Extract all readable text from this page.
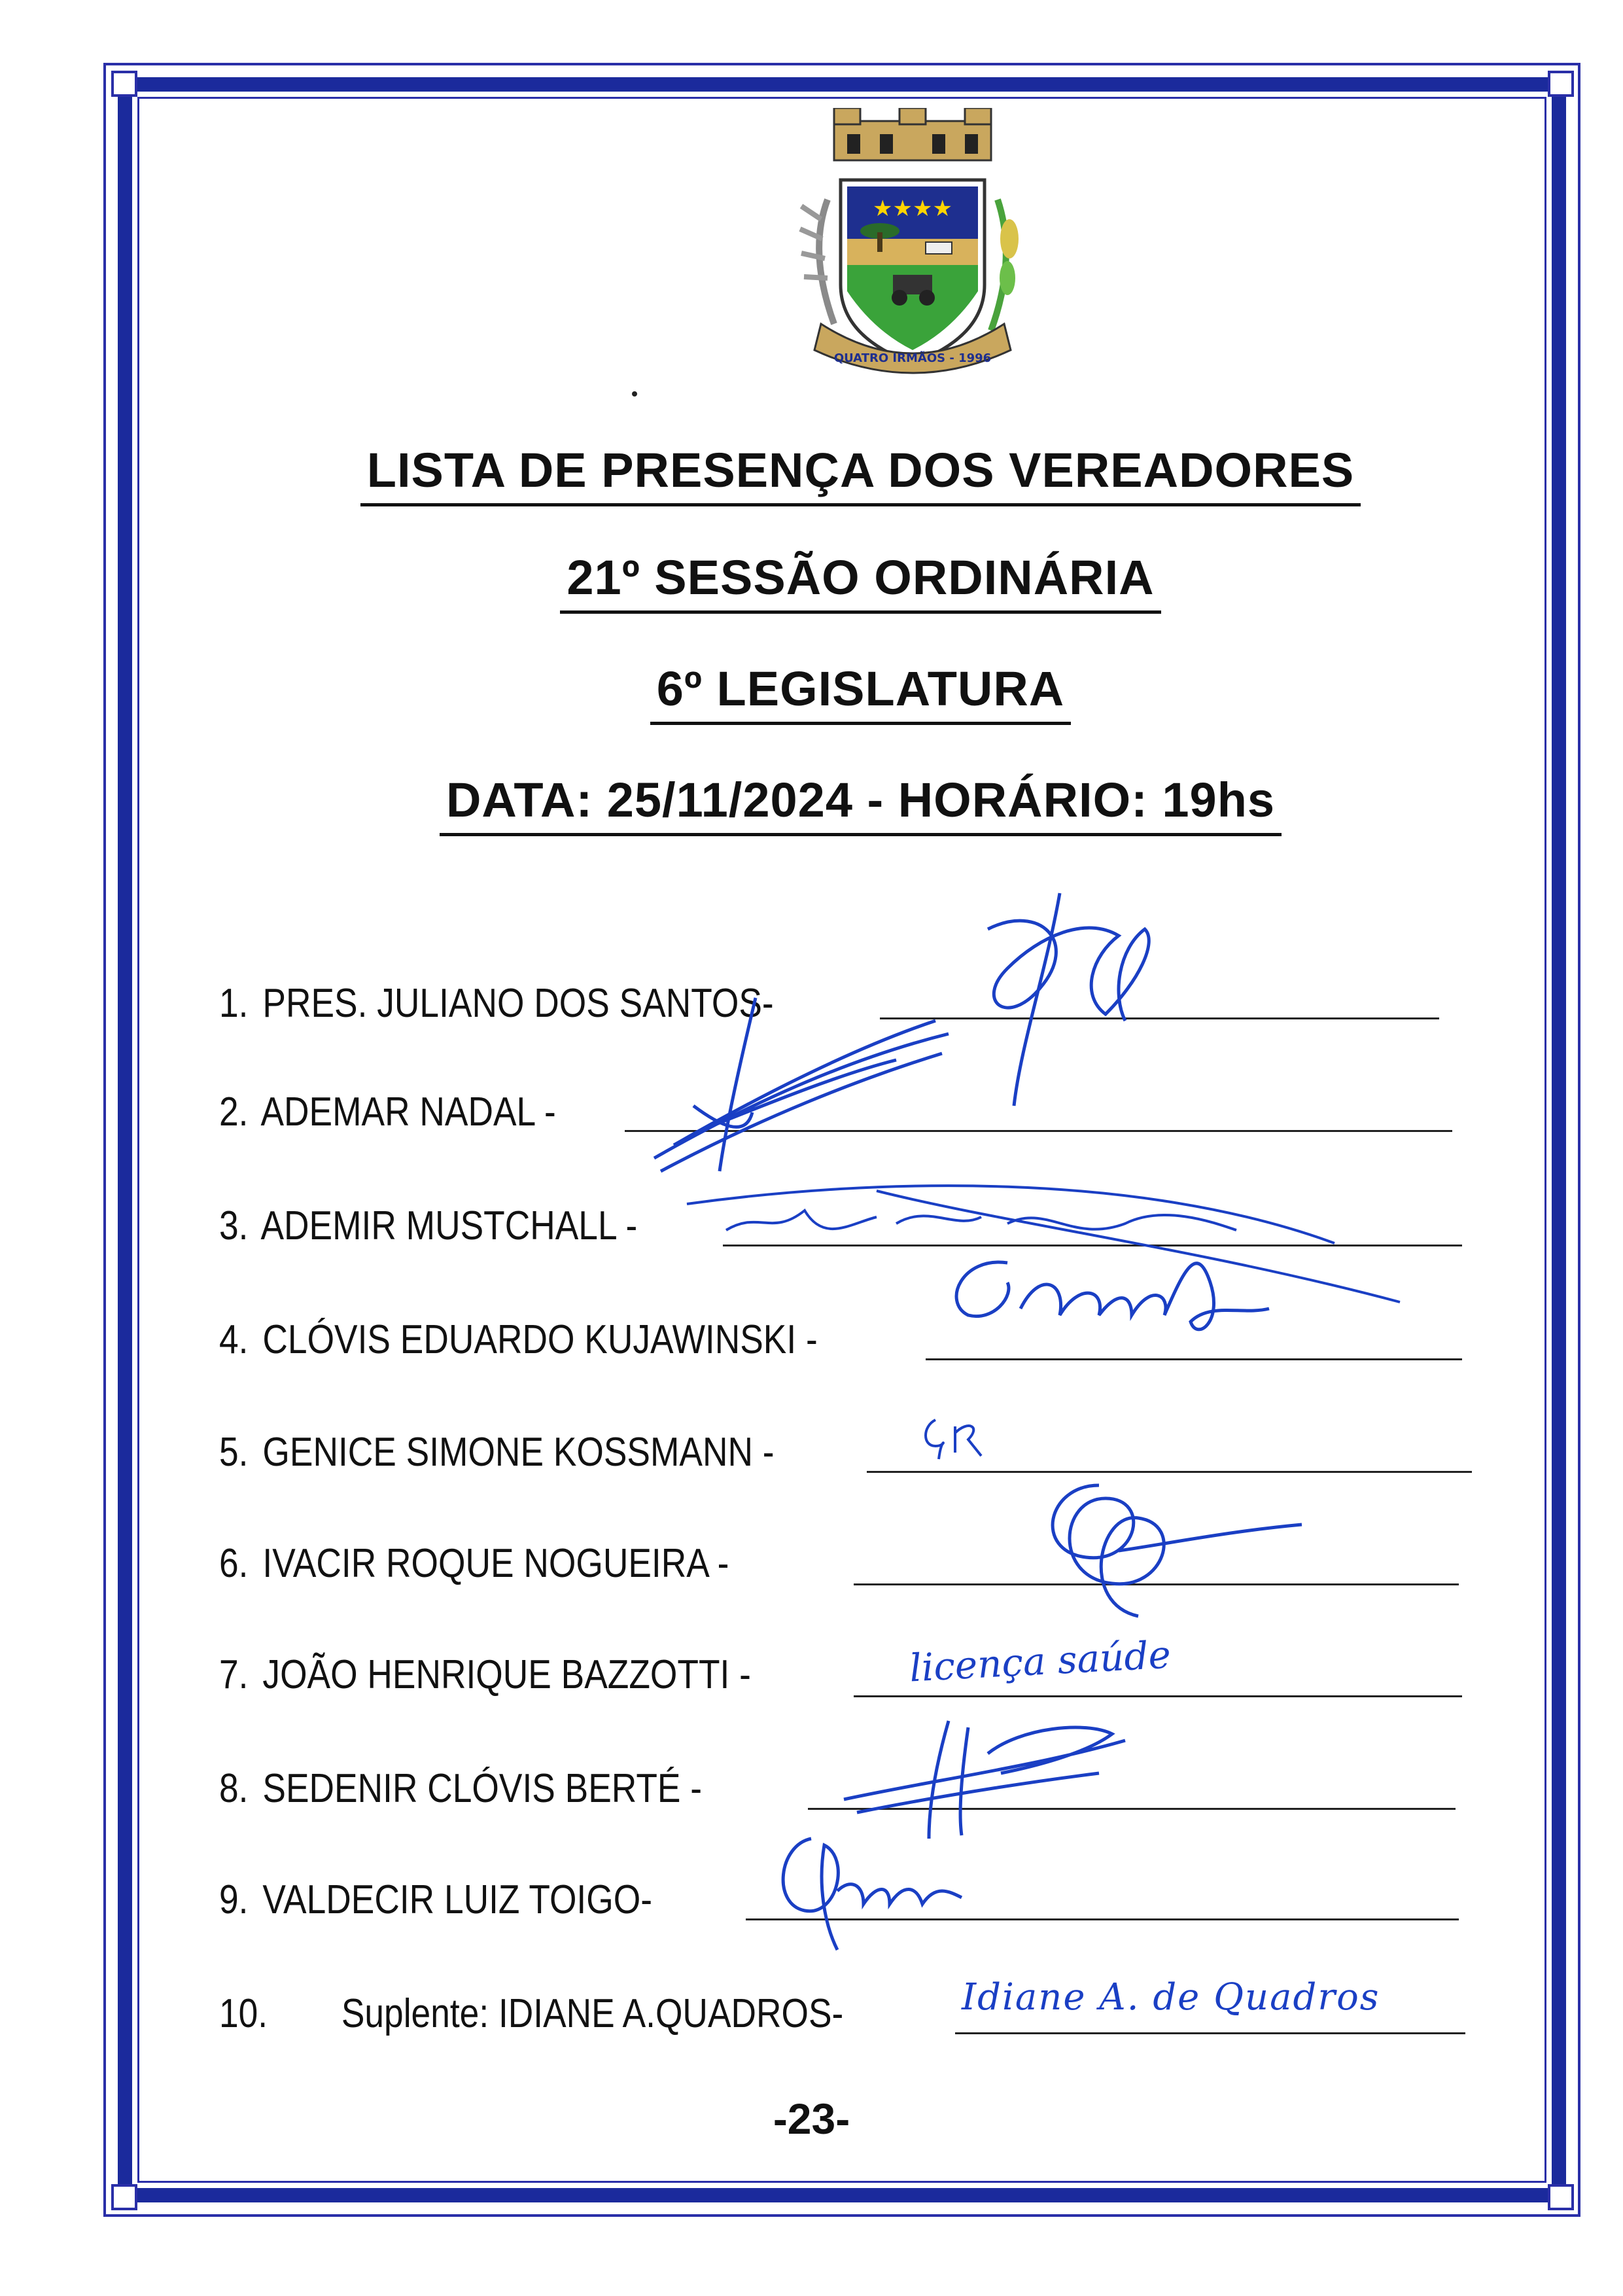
★★★★
QUATRO IRMÃOS - 1996
LISTA DE PRESENÇA DOS VEREADORES
21º SESSÃO ORDINÁRIA
6º LEGISLATURA
DATA: 25/11/2024 - HORÁRIO: 19hs
1. PRES. JULIANO DOS SANTOS-
2. ADEMAR NADAL -
3. ADEMIR MUSTCHALL -
4. CLÓVIS EDUARDO KUJAWINSKI -
5. GENICE SIMONE KOSSMANN -
6. IVACIR ROQUE NOGUEIRA -
7. JOÃO HENRIQUE BAZZOTTI -
8. SEDENIR CLÓVIS BERTÉ -
9. VALDECIR LUIZ TOIGO-
10. Suplente: IDIANE A.QUADROS-
licença saúde
Idiane A. de Quadros
-23-
